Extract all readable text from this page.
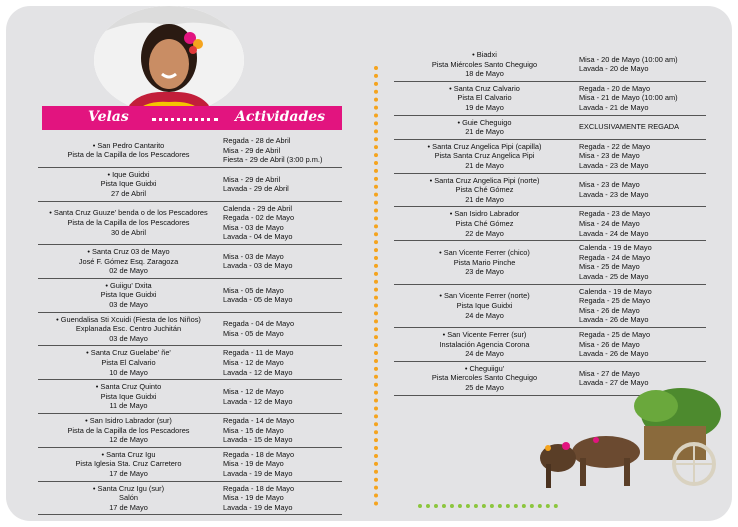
Velas	Actividades
• San Pedro Cantarito
Pista de la Capilla de los Pescadores
Regada - 28 de Abril
Misa - 29 de Abril
Fiesta - 29 de Abril (3:00 p.m.)
• Ique Guidxi
Pista Ique Guidxi
27 de Abril
Misa - 29 de Abril
Lavada - 29 de Abril
• Santa Cruz Guuze' benda o de los Pescadores
Pista de la Capilla de los Pescadores
30 de Abril
Calenda - 29 de Abril
Regada - 02 de Mayo
Misa - 03 de Mayo
Lavada - 04 de Mayo
• Santa Cruz 03 de Mayo
José F. Gómez Esq. Zaragoza
02 de Mayo
Misa - 03 de Mayo
Lavada - 03 de Mayo
• Guiigu' Dxita
Pista Ique Guidxi
03 de Mayo
Misa - 05 de Mayo
Lavada - 05 de Mayo
• Guendalisa Sti Xcuidi (Fiesta de los Niños)
Explanada Esc. Centro Juchitán
03 de Mayo
Regada - 04 de Mayo
Misa - 05 de Mayo
• Santa Cruz Guelabe' ñe'
Pista El Calvario
10 de Mayo
Regada - 11 de Mayo
Misa - 12 de Mayo
Lavada - 12 de Mayo
• Santa Cruz Quinto
Pista Ique Guidxi
11 de Mayo
Misa - 12 de Mayo
Lavada - 12 de Mayo
• San Isidro Labrador (sur)
Pista de la Capilla de los Pescadores
12 de Mayo
Regada - 14 de Mayo
Misa - 15 de Mayo
Lavada - 15 de Mayo
• Santa Cruz Igu
Pista Iglesia Sta. Cruz Carretero
17 de Mayo
Regada - 18 de Mayo
Misa - 19 de Mayo
Lavada - 19 de Mayo
• Santa Cruz Igu (sur)
Salón
17 de Mayo
Regada - 18 de Mayo
Misa - 19 de Mayo
Lavada - 19 de Mayo
• Biadxi
Pista Miércoles Santo Cheguigo
18 de Mayo
Misa - 20 de Mayo (10:00 am)
Lavada - 20 de Mayo
• Santa Cruz Calvario
Pista El Calvario
19 de Mayo
Regada - 20 de Mayo
Misa - 21 de Mayo (10:00 am)
Lavada - 21 de Mayo
• Guie Cheguigo
21 de Mayo
EXCLUSIVAMENTE REGADA
• Santa Cruz Angelica Pipi (capilla)
Pista Santa Cruz Angelica Pipi
21 de Mayo
Regada - 22 de Mayo
Misa - 23 de Mayo
Lavada - 23 de Mayo
• Santa Cruz Angelica Pipi (norte)
Pista Ché Gómez
21 de Mayo
Misa - 23 de Mayo
Lavada - 23 de Mayo
• San Isidro Labrador
Pista Ché Gómez
22 de Mayo
Regada - 23 de Mayo
Misa - 24 de Mayo
Lavada - 24 de Mayo
• San Vicente Ferrer (chico)
Pista Mario Pinche
23 de Mayo
Calenda - 19 de Mayo
Regada - 24 de Mayo
Misa - 25 de Mayo
Lavada - 25 de Mayo
• San Vicente Ferrer (norte)
Pista Ique Guidxi
24 de Mayo
Calenda - 19 de Mayo
Regada - 25 de Mayo
Misa - 26 de Mayo
Lavada - 26 de Mayo
• San Vicente Ferrer (sur)
Instalación Agencia Corona
24 de Mayo
Regada - 25 de Mayo
Misa - 26 de Mayo
Lavada - 26 de Mayo
• Cheguiigu'
Pista Miercoles Santo Cheguigo
25 de Mayo
Misa - 27 de Mayo
Lavada - 27 de Mayo
